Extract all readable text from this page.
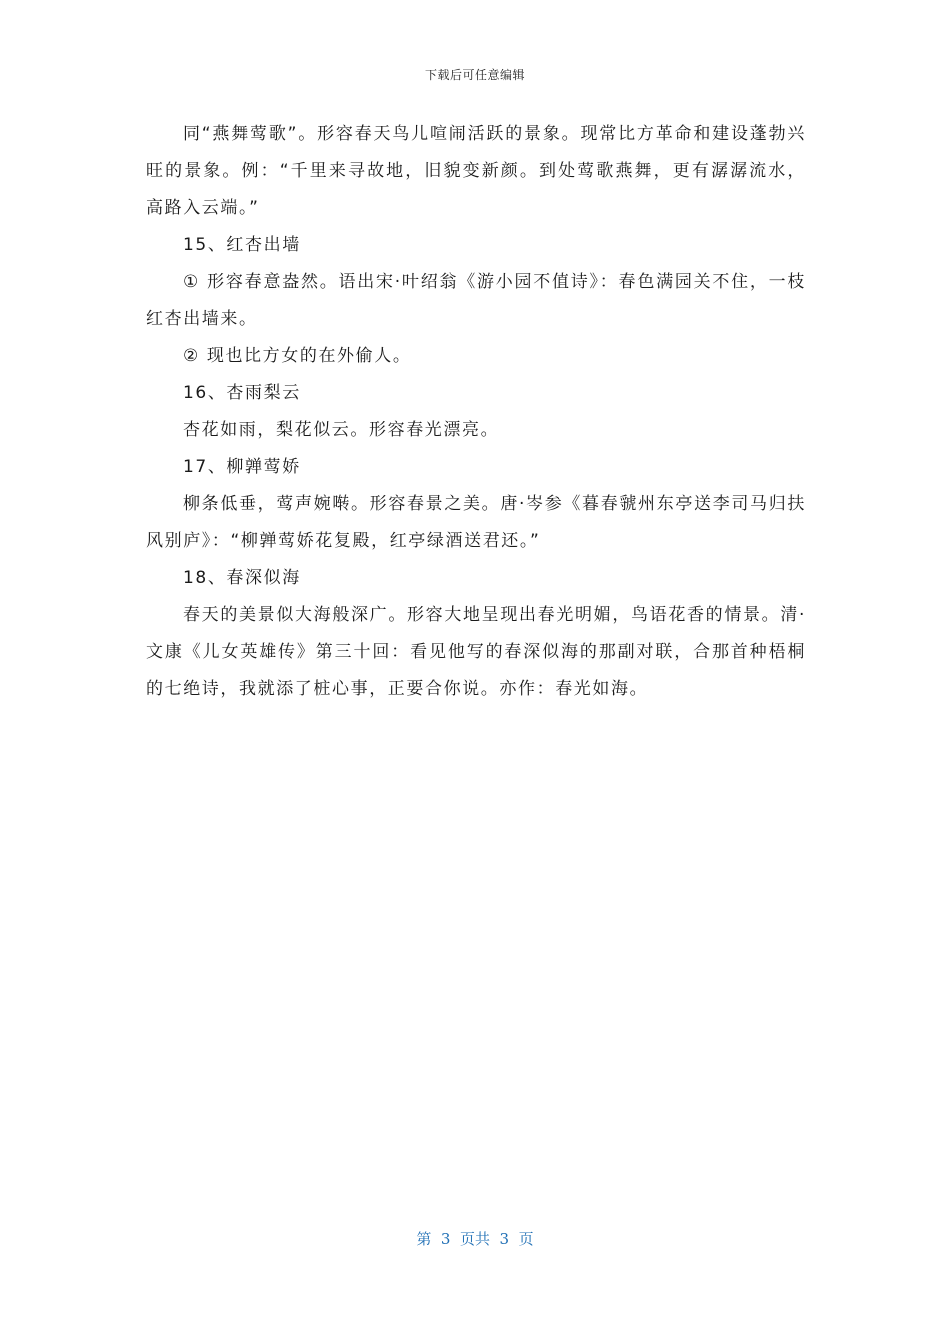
下载后可任意编辑

同“燕舞莺歌”。形容春天鸟儿喧闹活跃的景象。现常比方革命和建设蓬勃兴旺的景象。例：“千里来寻故地，旧貌变新颜。到处莺歌燕舞，更有潺潺流水，高路入云端。”

15、红杏出墙

① 形容春意盎然。语出宋·叶绍翁《游小园不值诗》：春色满园关不住，一枝红杏出墙来。

② 现也比方女的在外偷人。

16、杏雨梨云

杏花如雨，梨花似云。形容春光漂亮。

17、柳亸莺娇

柳条低垂，莺声婉啭。形容春景之美。唐·岑参《暮春虢州东亭送李司马归扶风别庐》：“柳亸莺娇花复殿，红亭绿酒送君还。”

18、春深似海

春天的美景似大海般深广。形容大地呈现出春光明媚，鸟语花香的情景。清·文康《儿女英雄传》第三十回：看见他写的春深似海的那副对联，合那首种梧桐的七绝诗，我就添了桩心事，正要合你说。亦作：春光如海。

第  3  页共  3  页
